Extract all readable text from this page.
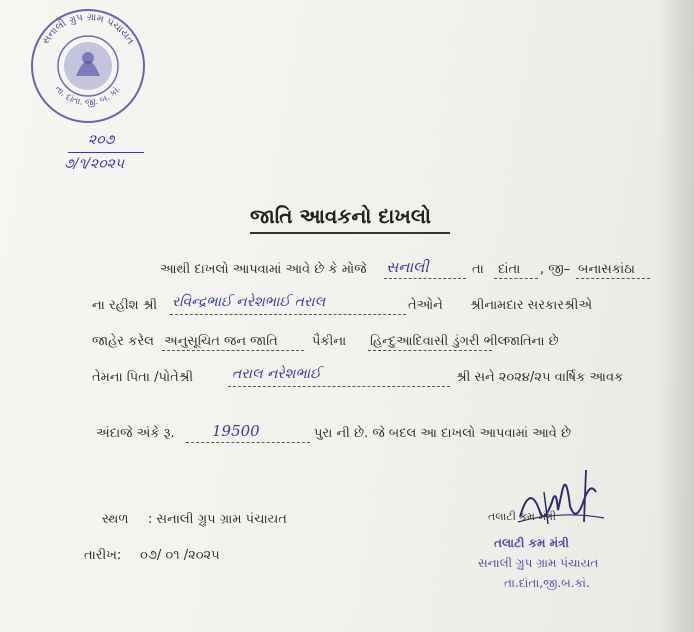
સનાલી ગ્રુપ ગ્રામ પંચાયત
તા. દાંતા. જી. બ. કાં.
૨૦૭
૭/૧/૨૦૨૫
જાતિ આવકનો દાખલો
આથી દાખલો આપવામાં આવે છે કે મોજે સનાલી	તા દાંતા , જી– બનાસકાંઠા
ના રહીશ શ્રી રવિન્દ્રભાઈ નરેશભાઈ તરાલ	તેઓને શ્રીનામદાર સરકારશ્રીએ
જાહેર કરેલ અનુસૂચિત જન જાતિ	પૈકીના હિન્દુઆદિવાસી ડુંગરી ભીલ
જાતિના છે
તેમના પિતા /પોતેશ્રી	તરાલ નરેશભાઈ	શ્રી સને ૨૦૨૪/૨૫ વાર્ષિક આવક
અંદાજે અંકે રૂ. 19500	પુરા ની છે. જે બદલ આ દાખલો આપવામાં આવે છે
સ્થળ : સનાલી ગ્રુપ ગ્રામ પંચાયત
તારીખ: ૦૭/ ૦૧ /૨૦૨૫
તલાટી કમ મંત્રી
તલાટી કમ મંત્રી
સનાલી ગ્રુપ ગ્રામ પંચાયત
તા.દાંતા,જી.બ.કાં.
